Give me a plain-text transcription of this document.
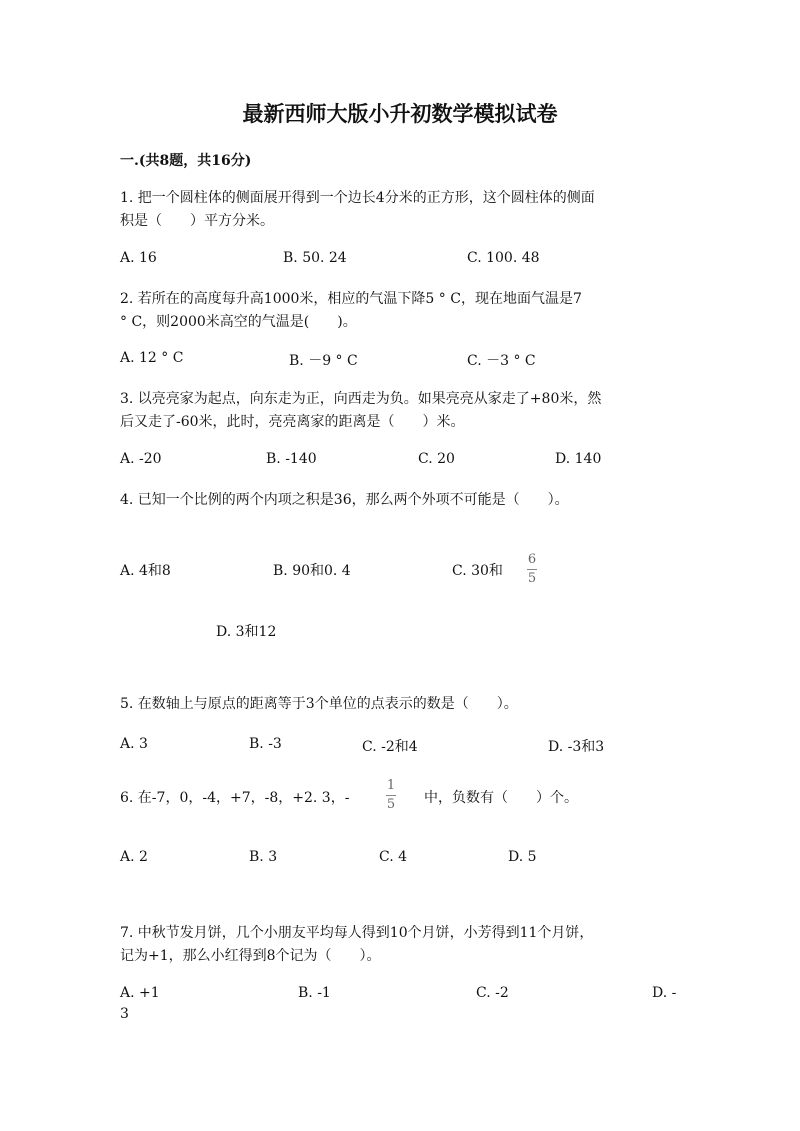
最新西师大版小升初数学模拟试卷
一.(共8题，共16分)
1. 把一个圆柱体的侧面展开得到一个边长4分米的正方形，这个圆柱体的侧面
积是（　　）平方分米。
A. 16	B. 50. 24	C. 100. 48
2. 若所在的高度每升高1000米，相应的气温下降5 ° C，现在地面气温是7
° C，则2000米高空的气温是(　　)。
A. 12 ° C	B. －9 ° C	C. －3 ° C
3. 以亮亮家为起点，向东走为正，向西走为负。如果亮亮从家走了+80米，然
后又走了-60米，此时，亮亮离家的距离是（　　）米。
A. -20	B. -140	C. 20	D. 140
4. 已知一个比例的两个内项之积是36，那么两个外项不可能是（　　）。
A. 4和8	B. 90和0. 4	C. 30和
6
5
D. 3和12
5. 在数轴上与原点的距离等于3个单位的点表示的数是（　　）。
A. 3	B. -3	C. -2和4	D. -3和3
6. 在-7，0，-4，+7，-8，+2. 3，-
1
5 中，负数有（　　）个。
A. 2	B. 3	C. 4	D. 5
7. 中秋节发月饼，几个小朋友平均每人得到10个月饼，小芳得到11个月饼，
记为+1，那么小红得到8个记为（　　）。
A. +1	B. -1	C. -2	D. -
3
